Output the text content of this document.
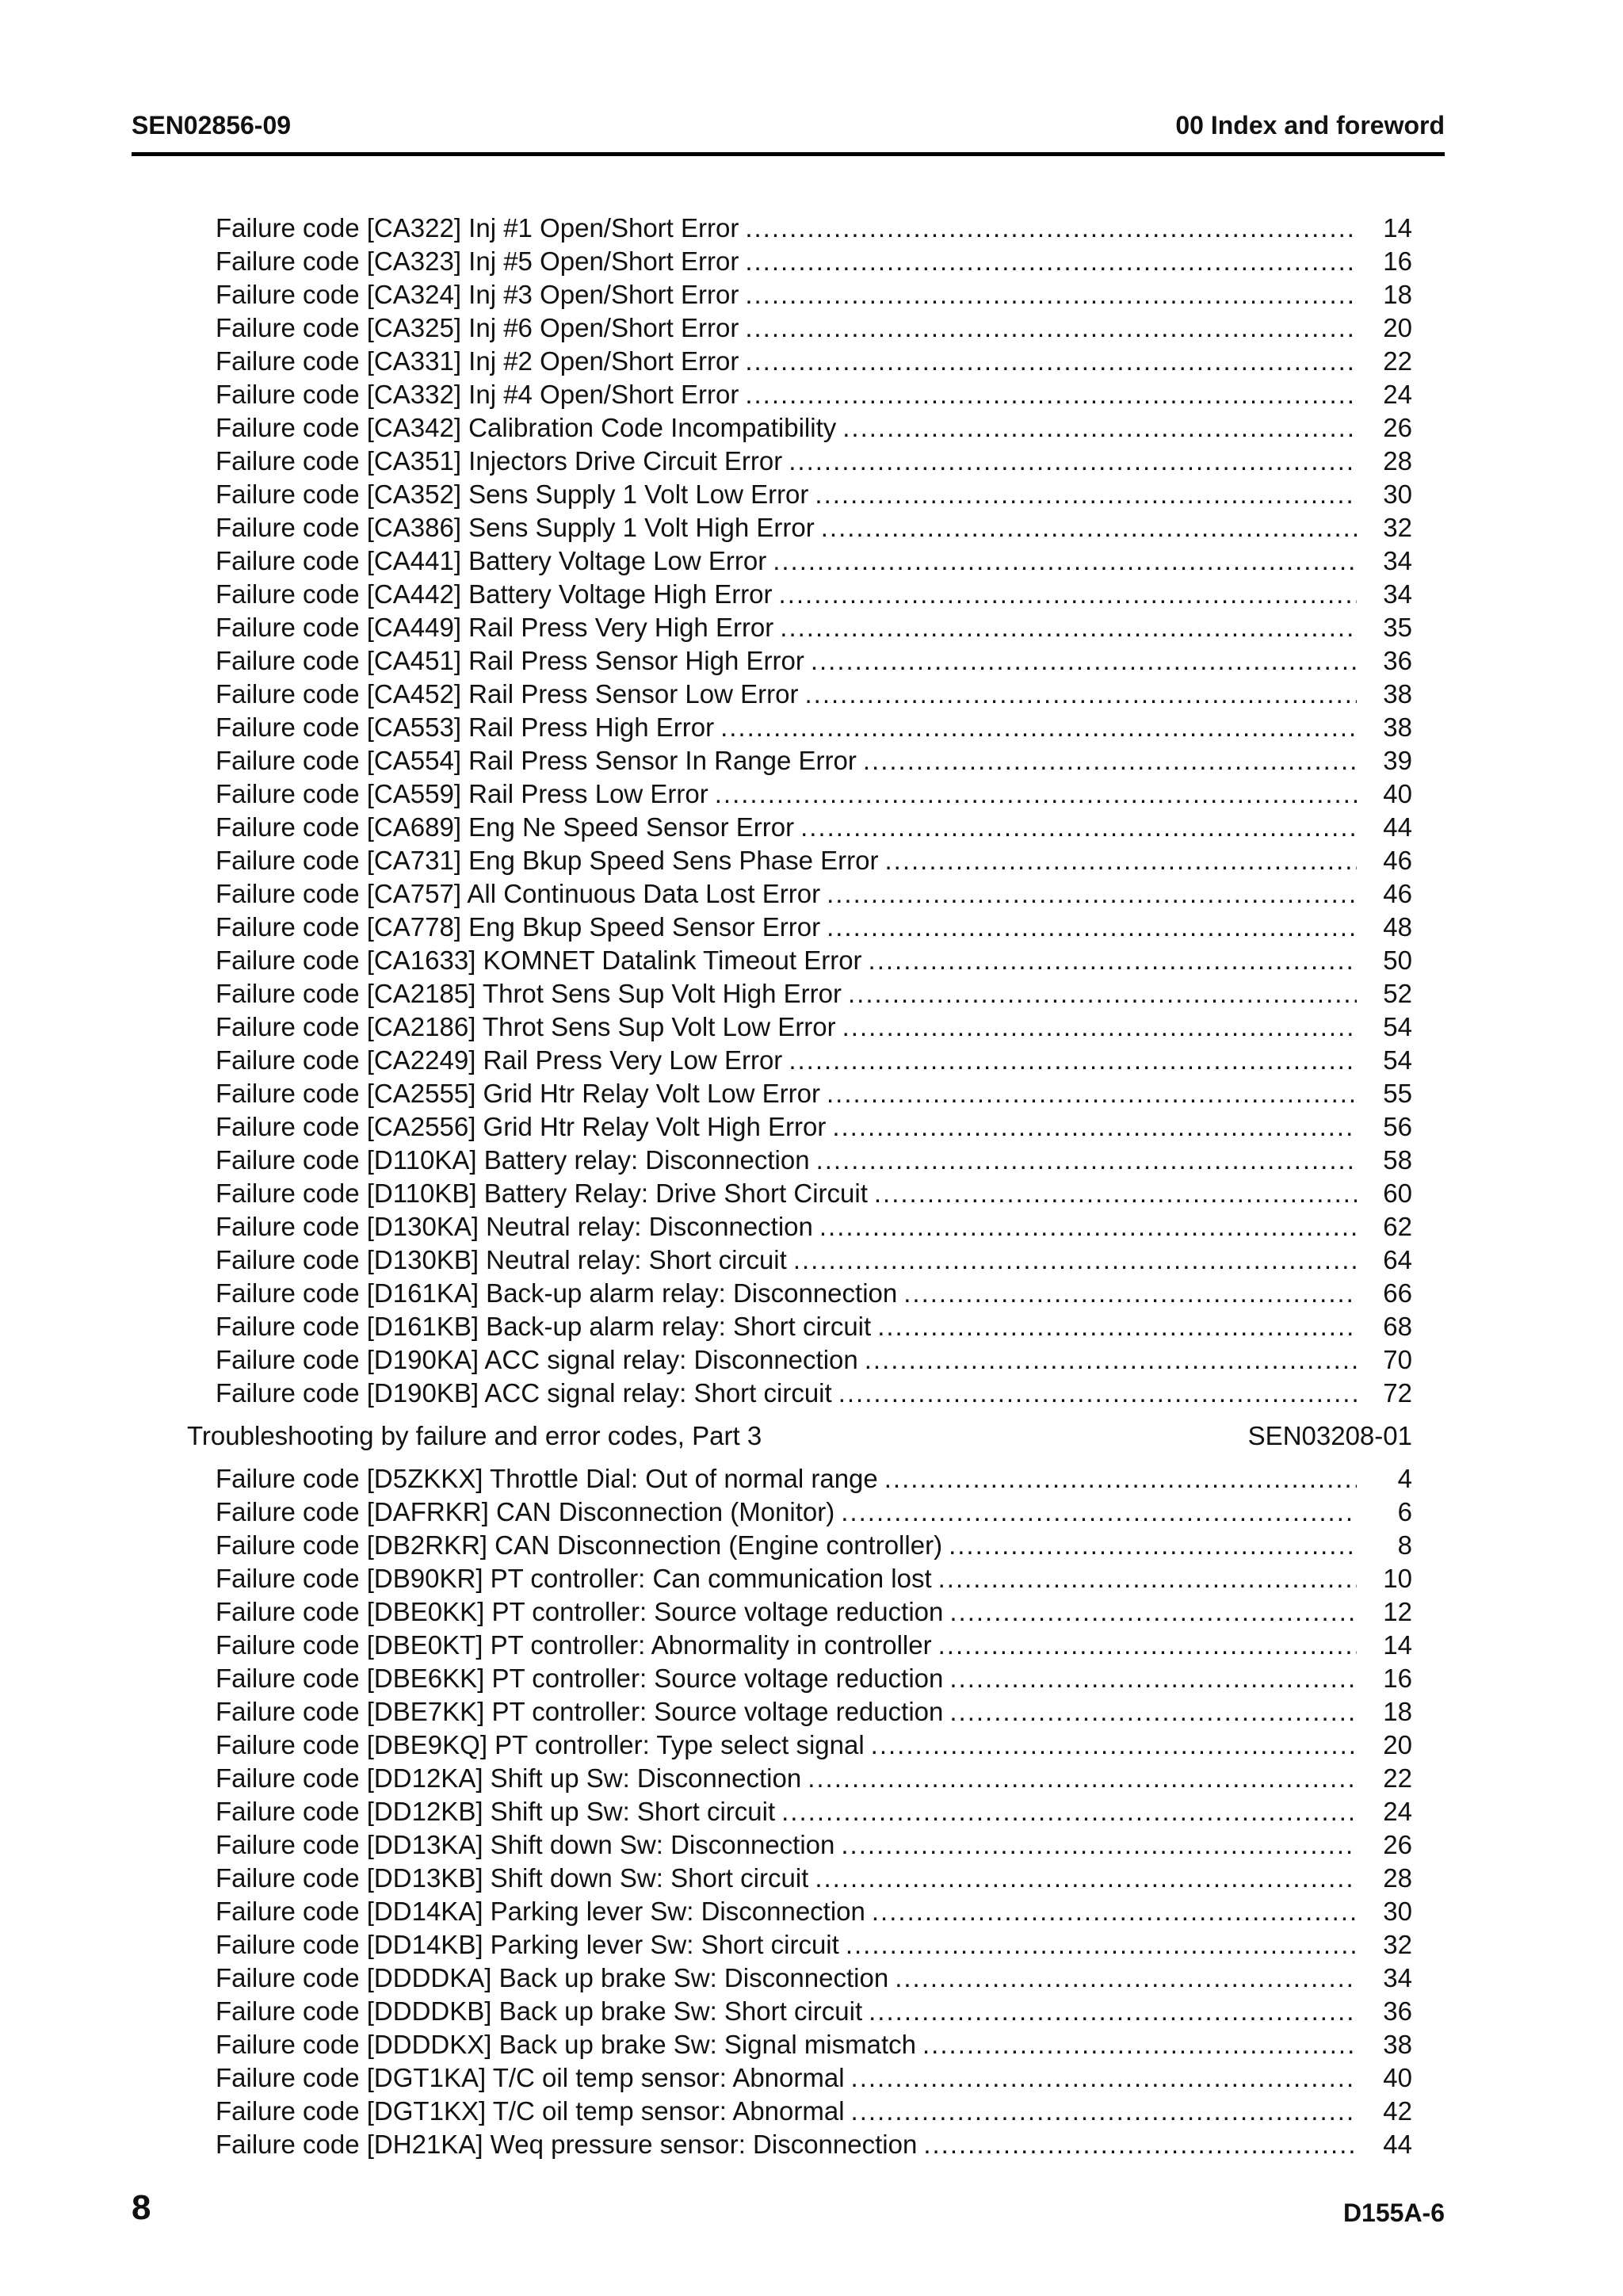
SEN02856-09	00 Index and foreword
Failure code [CA322] Inj #1 Open/Short Error .....	14
Failure code [CA323] Inj #5 Open/Short Error .....	16
Failure code [CA324] Inj #3 Open/Short Error .....	18
Failure code [CA325] Inj #6 Open/Short Error .....	20
Failure code [CA331] Inj #2 Open/Short Error .....	22
Failure code [CA332] Inj #4 Open/Short Error .....	24
Failure code [CA342] Calibration Code Incompatibility .....	26
Failure code [CA351] Injectors Drive Circuit Error .....	28
Failure code [CA352] Sens Supply 1 Volt Low Error .....	30
Failure code [CA386] Sens Supply 1 Volt High Error .....	32
Failure code [CA441] Battery Voltage Low Error .....	34
Failure code [CA442] Battery Voltage High Error .....	34
Failure code [CA449] Rail Press Very High Error .....	35
Failure code [CA451] Rail Press Sensor High Error .....	36
Failure code [CA452] Rail Press Sensor Low Error .....	38
Failure code [CA553] Rail Press High Error .....	38
Failure code [CA554] Rail Press Sensor In Range Error .....	39
Failure code [CA559] Rail Press Low Error .....	40
Failure code [CA689] Eng Ne Speed Sensor Error .....	44
Failure code [CA731] Eng Bkup Speed Sens Phase Error .....	46
Failure code [CA757] All Continuous Data Lost Error .....	46
Failure code [CA778] Eng Bkup Speed Sensor Error .....	48
Failure code [CA1633] KOMNET Datalink Timeout Error .....	50
Failure code [CA2185] Throt Sens Sup Volt High Error .....	52
Failure code [CA2186] Throt Sens Sup Volt Low Error .....	54
Failure code [CA2249] Rail Press Very Low Error .....	54
Failure code [CA2555] Grid Htr Relay Volt Low Error .....	55
Failure code [CA2556] Grid Htr Relay Volt High Error .....	56
Failure code [D110KA] Battery relay: Disconnection .....	58
Failure code [D110KB] Battery Relay: Drive Short Circuit .....	60
Failure code [D130KA] Neutral relay: Disconnection .....	62
Failure code [D130KB] Neutral relay: Short circuit .....	64
Failure code [D161KA] Back-up alarm relay: Disconnection .....	66
Failure code [D161KB] Back-up alarm relay: Short circuit .....	68
Failure code [D190KA] ACC signal relay: Disconnection .....	70
Failure code [D190KB] ACC signal relay: Short circuit .....	72
Troubleshooting by failure and error codes, Part 3	SEN03208-01
Failure code [D5ZKKX] Throttle Dial: Out of normal range .....	4
Failure code [DAFRKR] CAN Disconnection (Monitor) .....	6
Failure code [DB2RKR] CAN Disconnection (Engine controller) .....	8
Failure code [DB90KR] PT controller: Can communication lost .....	10
Failure code [DBE0KK] PT controller: Source voltage reduction .....	12
Failure code [DBE0KT] PT controller: Abnormality in controller .....	14
Failure code [DBE6KK] PT controller: Source voltage reduction .....	16
Failure code [DBE7KK] PT controller: Source voltage reduction .....	18
Failure code [DBE9KQ] PT controller: Type select signal .....	20
Failure code [DD12KA] Shift up Sw: Disconnection .....	22
Failure code [DD12KB] Shift up Sw: Short circuit .....	24
Failure code [DD13KA] Shift down Sw: Disconnection .....	26
Failure code [DD13KB] Shift down Sw: Short circuit .....	28
Failure code [DD14KA] Parking lever Sw: Disconnection .....	30
Failure code [DD14KB] Parking lever Sw: Short circuit .....	32
Failure code [DDDDKA] Back up brake Sw: Disconnection .....	34
Failure code [DDDDKB] Back up brake Sw: Short circuit .....	36
Failure code [DDDDKX] Back up brake Sw: Signal mismatch .....	38
Failure code [DGT1KA] T/C oil temp sensor: Abnormal .....	40
Failure code [DGT1KX] T/C oil temp sensor: Abnormal .....	42
Failure code [DH21KA] Weq pressure sensor: Disconnection .....	44
8	D155A-6
